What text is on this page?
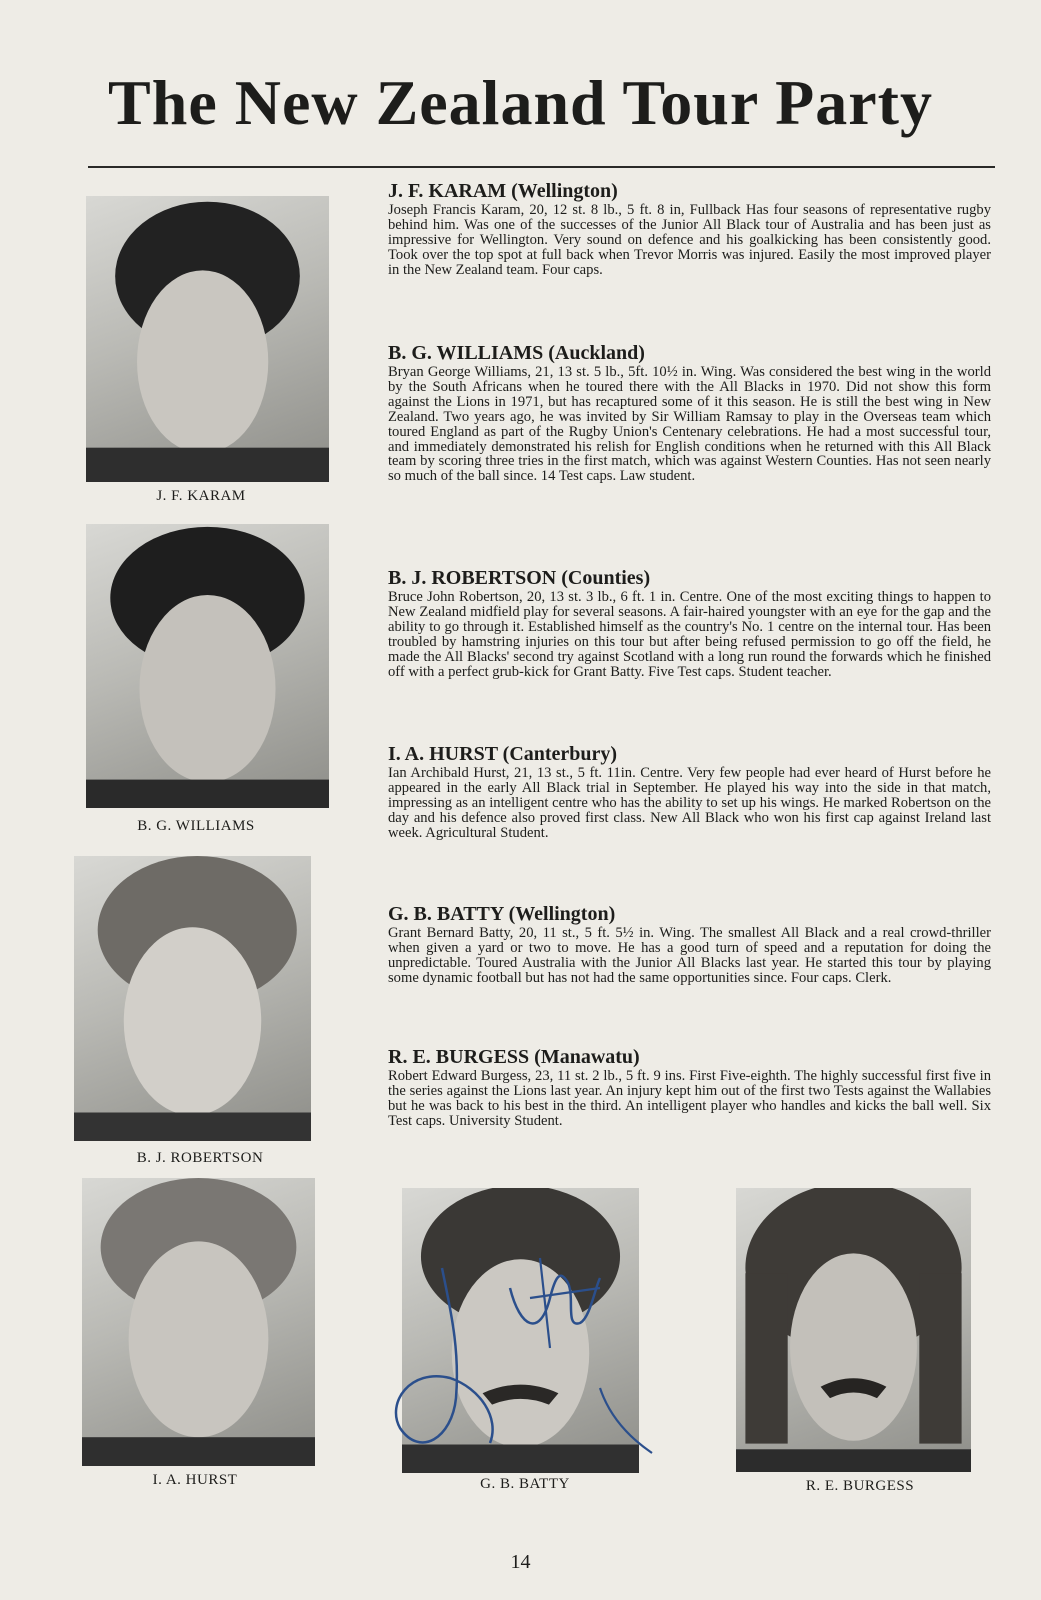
The New Zealand Tour Party
J. F. KARAM
B. G. WILLIAMS
B. J. ROBERTSON
I. A. HURST	G. B. BATTY	R. E. BURGESS
J. F. KARAM (Wellington)

Joseph Francis Karam, 20, 12 st. 8 lb., 5 ft. 8 in, Fullback Has four seasons of representative rugby behind him. Was one of the successes of the Junior All Black tour of Australia and has been just as impressive for Wellington. Very sound on defence and his goalkicking has been consistently good. Took over the top spot at full back when Trevor Morris was injured. Easily the most improved player in the New Zealand team. Four caps.

B. G. WILLIAMS (Auckland)

Bryan George Williams, 21, 13 st. 5 lb., 5ft. 10½ in. Wing. Was considered the best wing in the world by the South Africans when he toured there with the All Blacks in 1970. Did not show this form against the Lions in 1971, but has recaptured some of it this season. He is still the best wing in New Zealand. Two years ago, he was invited by Sir William Ramsay to play in the Overseas team which toured England as part of the Rugby Union's Centenary celebrations. He had a most successful tour, and immediately demonstrated his relish for English conditions when he returned with this All Black team by scoring three tries in the first match, which was against Western Counties. Has not seen nearly so much of the ball since. 14 Test caps. Law student.

B. J. ROBERTSON (Counties)

Bruce John Robertson, 20, 13 st. 3 lb., 6 ft. 1 in. Centre. One of the most exciting things to happen to New Zealand midfield play for several seasons. A fair-haired youngster with an eye for the gap and the ability to go through it. Established himself as the country's No. 1 centre on the internal tour. Has been troubled by hamstring injuries on this tour but after being refused permission to go off the field, he made the All Blacks' second try against Scotland with a long run round the forwards which he finished off with a perfect grub-kick for Grant Batty. Five Test caps. Student teacher.

I. A. HURST (Canterbury)

Ian Archibald Hurst, 21, 13 st., 5 ft. 11in. Centre. Very few people had ever heard of Hurst before he appeared in the early All Black trial in September. He played his way into the side in that match, impressing as an intelligent centre who has the ability to set up his wings. He marked Robertson on the day and his defence also proved first class. New All Black who won his first cap against Ireland last week. Agricultural Student.

G. B. BATTY (Wellington)

Grant Bernard Batty, 20, 11 st., 5 ft. 5½ in. Wing. The smallest All Black and a real crowd-thriller when given a yard or two to move. He has a good turn of speed and a reputation for doing the unpredictable. Toured Australia with the Junior All Blacks last year. He started this tour by playing some dynamic football but has not had the same opportunities since. Four caps. Clerk.

R. E. BURGESS (Manawatu)

Robert Edward Burgess, 23, 11 st. 2 lb., 5 ft. 9 ins. First Five-eighth. The highly successful first five in the series against the Lions last year. An injury kept him out of the first two Tests against the Wallabies but he was back to his best in the third. An intelligent player who handles and kicks the ball well. Six Test caps. University Student.

14
